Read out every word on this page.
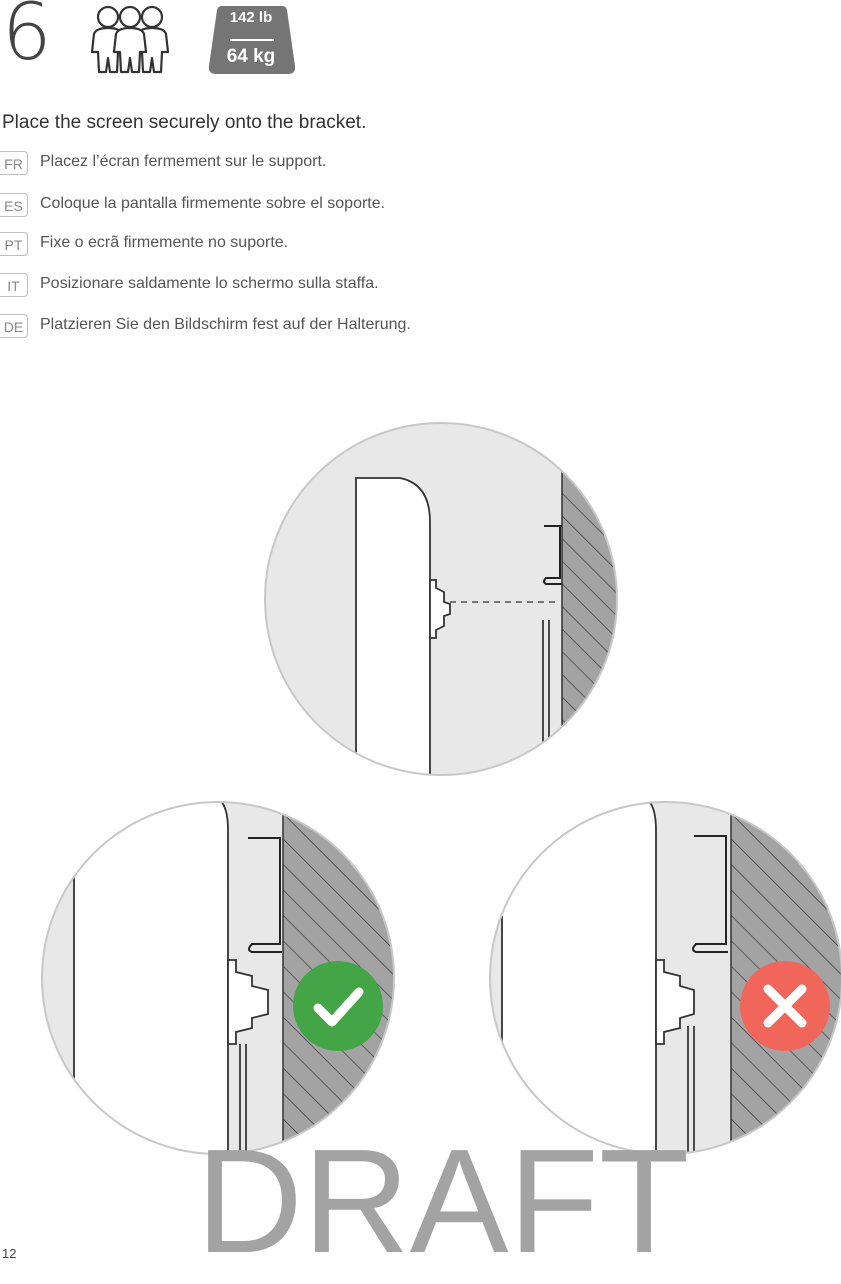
6	142 lb
64 kg
Place the screen securely onto the bracket.
FR	Placez l’écran fermement sur le support.
ES	Coloque la pantalla firmemente sobre el soporte.
PT	Fixe o ecrã firmemente no suporte.
IT	Posizionare saldamente lo schermo sulla staffa.
DE Platzieren Sie den Bildschirm fest auf der Halterung.
DRAFT
12
